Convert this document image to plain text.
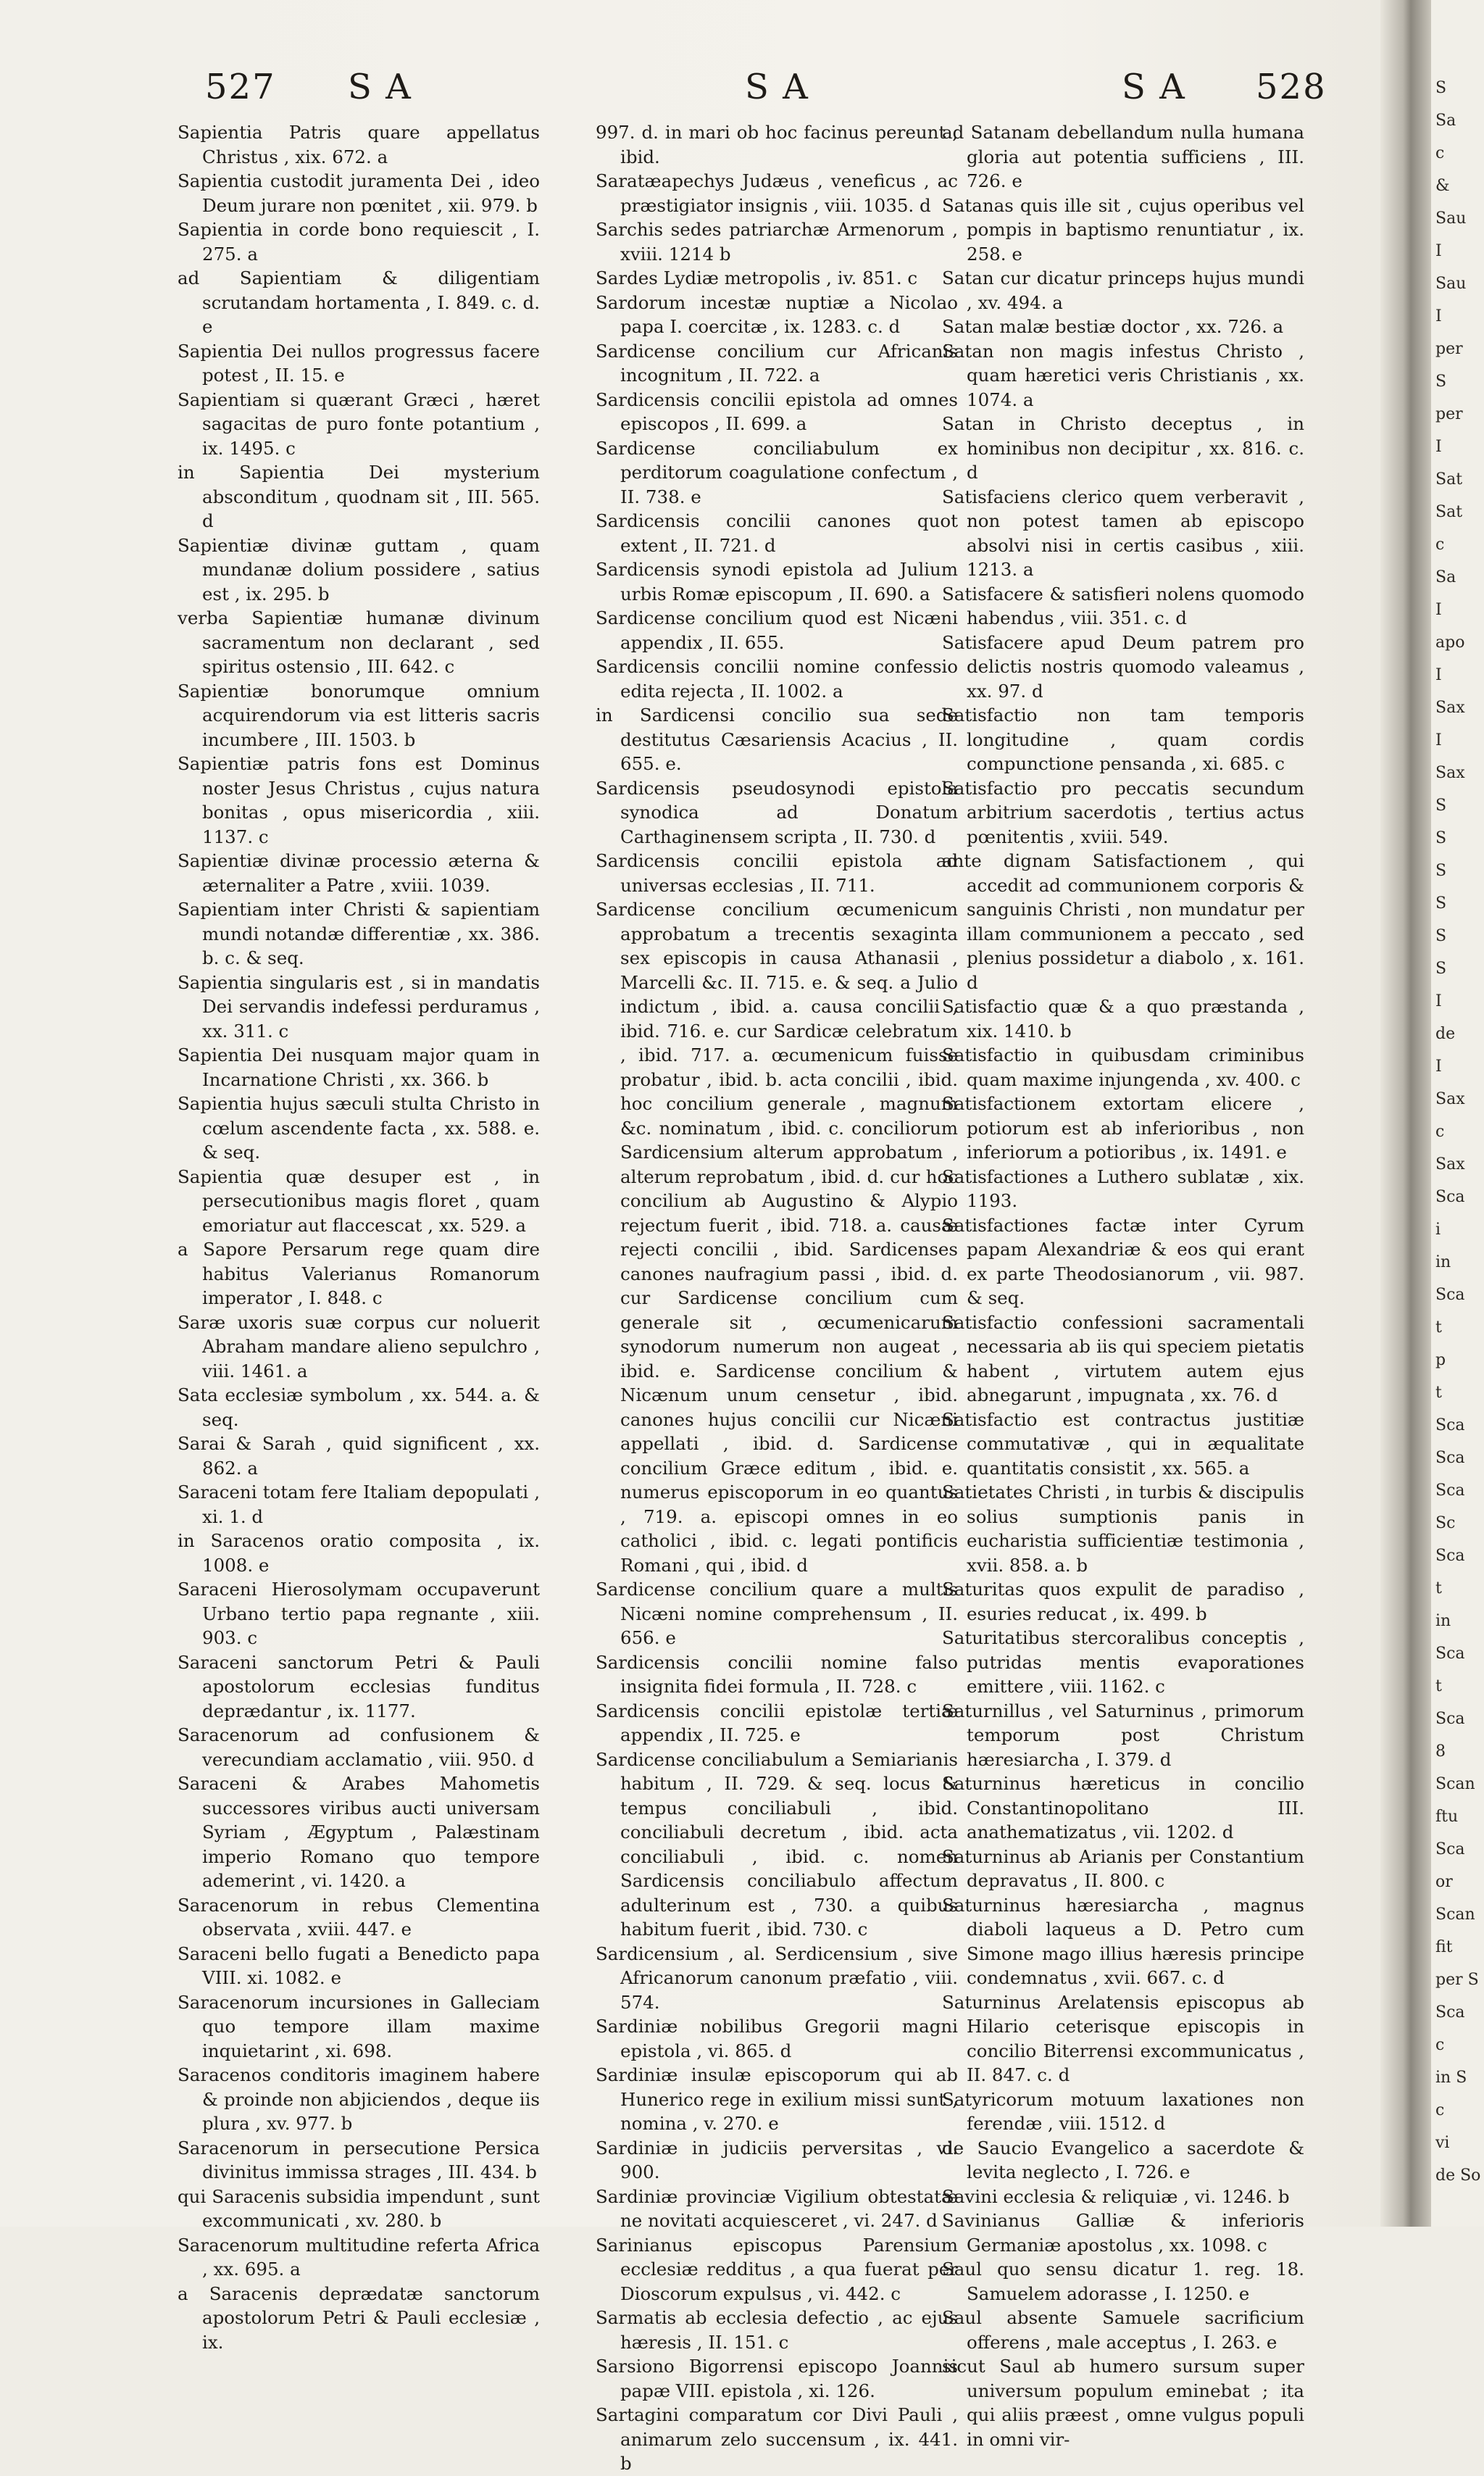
527 S A	S A	S A 528

Sapientia Patris quare appellatus Christus , xix. 672. a

Sapientia custodit juramenta Dei , ideo Deum jurare non pœnitet , xii. 979. b

Sapientia in corde bono requiescit , I. 275. a

ad Sapientiam & diligentiam scrutandam hortamenta , I. 849. c. d. e

Sapientia Dei nullos progressus facere potest , II. 15. e

Sapientiam si quærant Græci , hæret sagacitas de puro fonte potantium , ix. 1495. c

in Sapientia Dei mysterium absconditum , quodnam sit , III. 565. d

Sapientiæ divinæ guttam , quam mundanæ dolium possidere , satius est , ix. 295. b

verba Sapientiæ humanæ divinum sacramentum non declarant , sed spiritus ostensio , III. 642. c

Sapientiæ bonorumque omnium acquirendorum via est litteris sacris incumbere , III. 1503. b

Sapientiæ patris fons est Dominus noster Jesus Christus , cujus natura bonitas , opus misericordia , xiii. 1137. c

Sapientiæ divinæ processio æterna & æternaliter a Patre , xviii. 1039.

Sapientiam inter Christi & sapientiam mundi notandæ differentiæ , xx. 386. b. c. & seq.

Sapientia singularis est , si in mandatis Dei servandis indefessi perduramus , xx. 311. c

Sapientia Dei nusquam major quam in Incarnatione Christi , xx. 366. b

Sapientia hujus sæculi stulta Christo in cœlum ascendente facta , xx. 588. e. & seq.

Sapientia quæ desuper est , in persecutionibus magis floret , quam emoriatur aut flaccescat , xx. 529. a

a Sapore Persarum rege quam dire habitus Valerianus Romanorum imperator , I. 848. c

Saræ uxoris suæ corpus cur noluerit Abraham mandare alieno sepulchro , viii. 1461. a

Sata ecclesiæ symbolum , xx. 544. a. & seq.

Sarai & Sarah , quid significent , xx. 862. a

Saraceni totam fere Italiam depopulati , xi. 1. d

in Saracenos oratio composita , ix. 1008. e

Saraceni Hierosolymam occupaverunt Urbano tertio papa regnante , xiii. 903. c

Saraceni sanctorum Petri & Pauli apostolorum ecclesias funditus deprædantur , ix. 1177.

Saracenorum ad confusionem & verecundiam acclamatio , viii. 950. d

Saraceni & Arabes Mahometis successores viribus aucti universam Syriam , Ægyptum , Palæstinam imperio Romano quo tempore ademerint , vi. 1420. a

Saracenorum in rebus Clementina observata , xviii. 447. e

Saraceni bello fugati a Benedicto papa VIII. xi. 1082. e

Saracenorum incursiones in Galleciam quo tempore illam maxime inquietarint , xi. 698.

Saracenos conditoris imaginem habere & proinde non abjiciendos , deque iis plura , xv. 977. b

Saracenorum in persecutione Persica divinitus immissa strages , III. 434. b

qui Saracenis subsidia impendunt , sunt excommunicati , xv. 280. b

Saracenorum multitudine referta Africa , xx. 695. a

a Saracenis deprædatæ sanctorum apostolorum Petri & Pauli ecclesiæ , ix.

997. d. in mari ob hoc facinus pereunt , ibid.

Saratæapechys Judæus , veneficus , ac præstigiator insignis , viii. 1035. d

Sarchis sedes patriarchæ Armenorum , xviii. 1214 b

Sardes Lydiæ metropolis , iv. 851. c

Sardorum incestæ nuptiæ a Nicolao papa I. coercitæ , ix. 1283. c. d

Sardicense concilium cur Africanis incognitum , II. 722. a

Sardicensis concilii epistola ad omnes episcopos , II. 699. a

Sardicense conciliabulum ex perditorum coagulatione confectum , II. 738. e

Sardicensis concilii canones quot extent , II. 721. d

Sardicensis synodi epistola ad Julium urbis Romæ episcopum , II. 690. a

Sardicense concilium quod est Nicæni appendix , II. 655.

Sardicensis concilii nomine confessio edita rejecta , II. 1002. a

in Sardicensi concilio sua sede destitutus Cæsariensis Acacius , II. 655. e.

Sardicensis pseudosynodi epistola synodica ad Donatum Carthaginensem scripta , II. 730. d

Sardicensis concilii epistola ad universas ecclesias , II. 711.

Sardicense concilium œcumenicum approbatum a trecentis sexaginta sex episcopis in causa Athanasii , Marcelli &c. II. 715. e. & seq. a Julio indictum , ibid. a. causa concilii , ibid. 716. e. cur Sardicæ celebratum , ibid. 717. a. œcumenicum fuisse probatur , ibid. b. acta concilii , ibid. hoc concilium generale , magnum &c. nominatum , ibid. c. conciliorum Sardicensium alterum approbatum , alterum reprobatum , ibid. d. cur hoc concilium ab Augustino & Alypio rejectum fuerit , ibid. 718. a. causæ rejecti concilii , ibid. Sardicenses canones naufragium passi , ibid. d. cur Sardicense concilium cum generale sit , œcumenicarum synodorum numerum non augeat , ibid. e. Sardicense concilium & Nicænum unum censetur , ibid. canones hujus concilii cur Nicæni appellati , ibid. d. Sardicense concilium Græce editum , ibid. e. numerus episcoporum in eo quantus , 719. a. episcopi omnes in eo catholici , ibid. c. legati pontificis Romani , qui , ibid. d

Sardicense concilium quare a multis Nicæni nomine comprehensum , II. 656. e

Sardicensis concilii nomine falso insignita fidei formula , II. 728. c

Sardicensis concilii epistolæ tertiæ appendix , II. 725. e

Sardicense conciliabulum a Semiarianis habitum , II. 729. & seq. locus & tempus conciliabuli , ibid. conciliabuli decretum , ibid. acta conciliabuli , ibid. c. nomen Sardicensis conciliabulo affectum adulterinum est , 730. a quibus habitum fuerit , ibid. 730. c

Sardicensium , al. Serdicensium , sive Africanorum canonum præfatio , viii. 574.

Sardiniæ nobilibus Gregorii magni epistola , vi. 865. d

Sardiniæ insulæ episcoporum qui ab Hunerico rege in exilium missi sunt , nomina , v. 270. e

Sardiniæ in judiciis perversitas , vi. 900.

Sardiniæ provinciæ Vigilium obtestatæ ne novitati acquiesceret , vi. 247. d

Sarinianus episcopus Parensium ecclesiæ redditus , a qua fuerat per Dioscorum expulsus , vi. 442. c

Sarmatis ab ecclesia defectio , ac ejus hæresis , II. 151. c

Sarsiono Bigorrensi episcopo Joannis papæ VIII. epistola , xi. 126.

Sartagini comparatum cor Divi Pauli , animarum zelo succensum , ix. 441. b

ad Satanam debellandum nulla humana gloria aut potentia sufficiens , III. 726. e

Satanas quis ille sit , cujus operibus vel pompis in baptismo renuntiatur , ix. 258. e

Satan cur dicatur princeps hujus mundi , xv. 494. a

Satan malæ bestiæ doctor , xx. 726. a

Satan non magis infestus Christo , quam hæretici veris Christianis , xx. 1074. a

Satan in Christo deceptus , in hominibus non decipitur , xx. 816. c. d

Satisfaciens clerico quem verberavit , non potest tamen ab episcopo absolvi nisi in certis casibus , xiii. 1213. a

Satisfacere & satisfieri nolens quomodo habendus , viii. 351. c. d

Satisfacere apud Deum patrem pro delictis nostris quomodo valeamus , xx. 97. d

Satisfactio non tam temporis longitudine , quam cordis compunctione pensanda , xi. 685. c

Satisfactio pro peccatis secundum arbitrium sacerdotis , tertius actus pœnitentis , xviii. 549.

ante dignam Satisfactionem , qui accedit ad communionem corporis & sanguinis Christi , non mundatur per illam communionem a peccato , sed plenius possidetur a diabolo , x. 161. d

Satisfactio quæ & a quo præstanda , xix. 1410. b

Satisfactio in quibusdam criminibus quam maxime injungenda , xv. 400. c

Satisfactionem extortam elicere , potiorum est ab inferioribus , non inferiorum a potioribus , ix. 1491. e

Satisfactiones a Luthero sublatæ , xix. 1193.

Satisfactiones factæ inter Cyrum papam Alexandriæ & eos qui erant ex parte Theodosianorum , vii. 987. & seq.

Satisfactio confessioni sacramentali necessaria ab iis qui speciem pietatis habent , virtutem autem ejus abnegarunt , impugnata , xx. 76. d

Satisfactio est contractus justitiæ commutativæ , qui in æqualitate quantitatis consistit , xx. 565. a

Satietates Christi , in turbis & discipulis solius sumptionis panis in eucharistia sufficientiæ testimonia , xvii. 858. a. b

Saturitas quos expulit de paradiso , esuries reducat , ix. 499. b

Saturitatibus stercoralibus conceptis , putridas mentis evaporationes emittere , viii. 1162. c

Saturnillus , vel Saturninus , primorum temporum post Christum hæresiarcha , I. 379. d

Saturninus hæreticus in concilio Constantinopolitano III. anathematizatus , vii. 1202. d

Saturninus ab Arianis per Constantium depravatus , II. 800. c

Saturninus hæresiarcha , magnus diaboli laqueus a D. Petro cum Simone mago illius hæresis principe condemnatus , xvii. 667. c. d

Saturninus Arelatensis episcopus ab Hilario ceterisque episcopis in concilio Biterrensi excommunicatus , II. 847. c. d

Satyricorum motuum laxationes non ferendæ , viii. 1512. d

de Saucio Evangelico a sacerdote & levita neglecto , I. 726. e

Savini ecclesia & reliquiæ , vi. 1246. b

Savinianus Galliæ & inferioris Germaniæ apostolus , xx. 1098. c

Saul quo sensu dicatur 1. reg. 18. Samuelem adorasse , I. 1250. e

Saul absente Samuele sacrificium offerens , male acceptus , I. 263. e

sicut Saul ab humero sursum super universum populum eminebat ; ita qui aliis præest , omne vulgus populi in omni vir-

S
Sa
c
&
Sau
I
Sau
I
per
S
per
I
Sat
Sat
c
Sa
I
apo
I
Sax
I
Sax
S
S
S
S
S
S
I
de
I
Sax
c
Sax
Sca
i
in
Sca
t
p
t
Sca
Sca
Sca
Sc
Sca
t
in
Sca
t
Sca
8
Scan
ftu
Sca
or
Scan
fit
per S
Sca
c
in S
c
vi
de So
